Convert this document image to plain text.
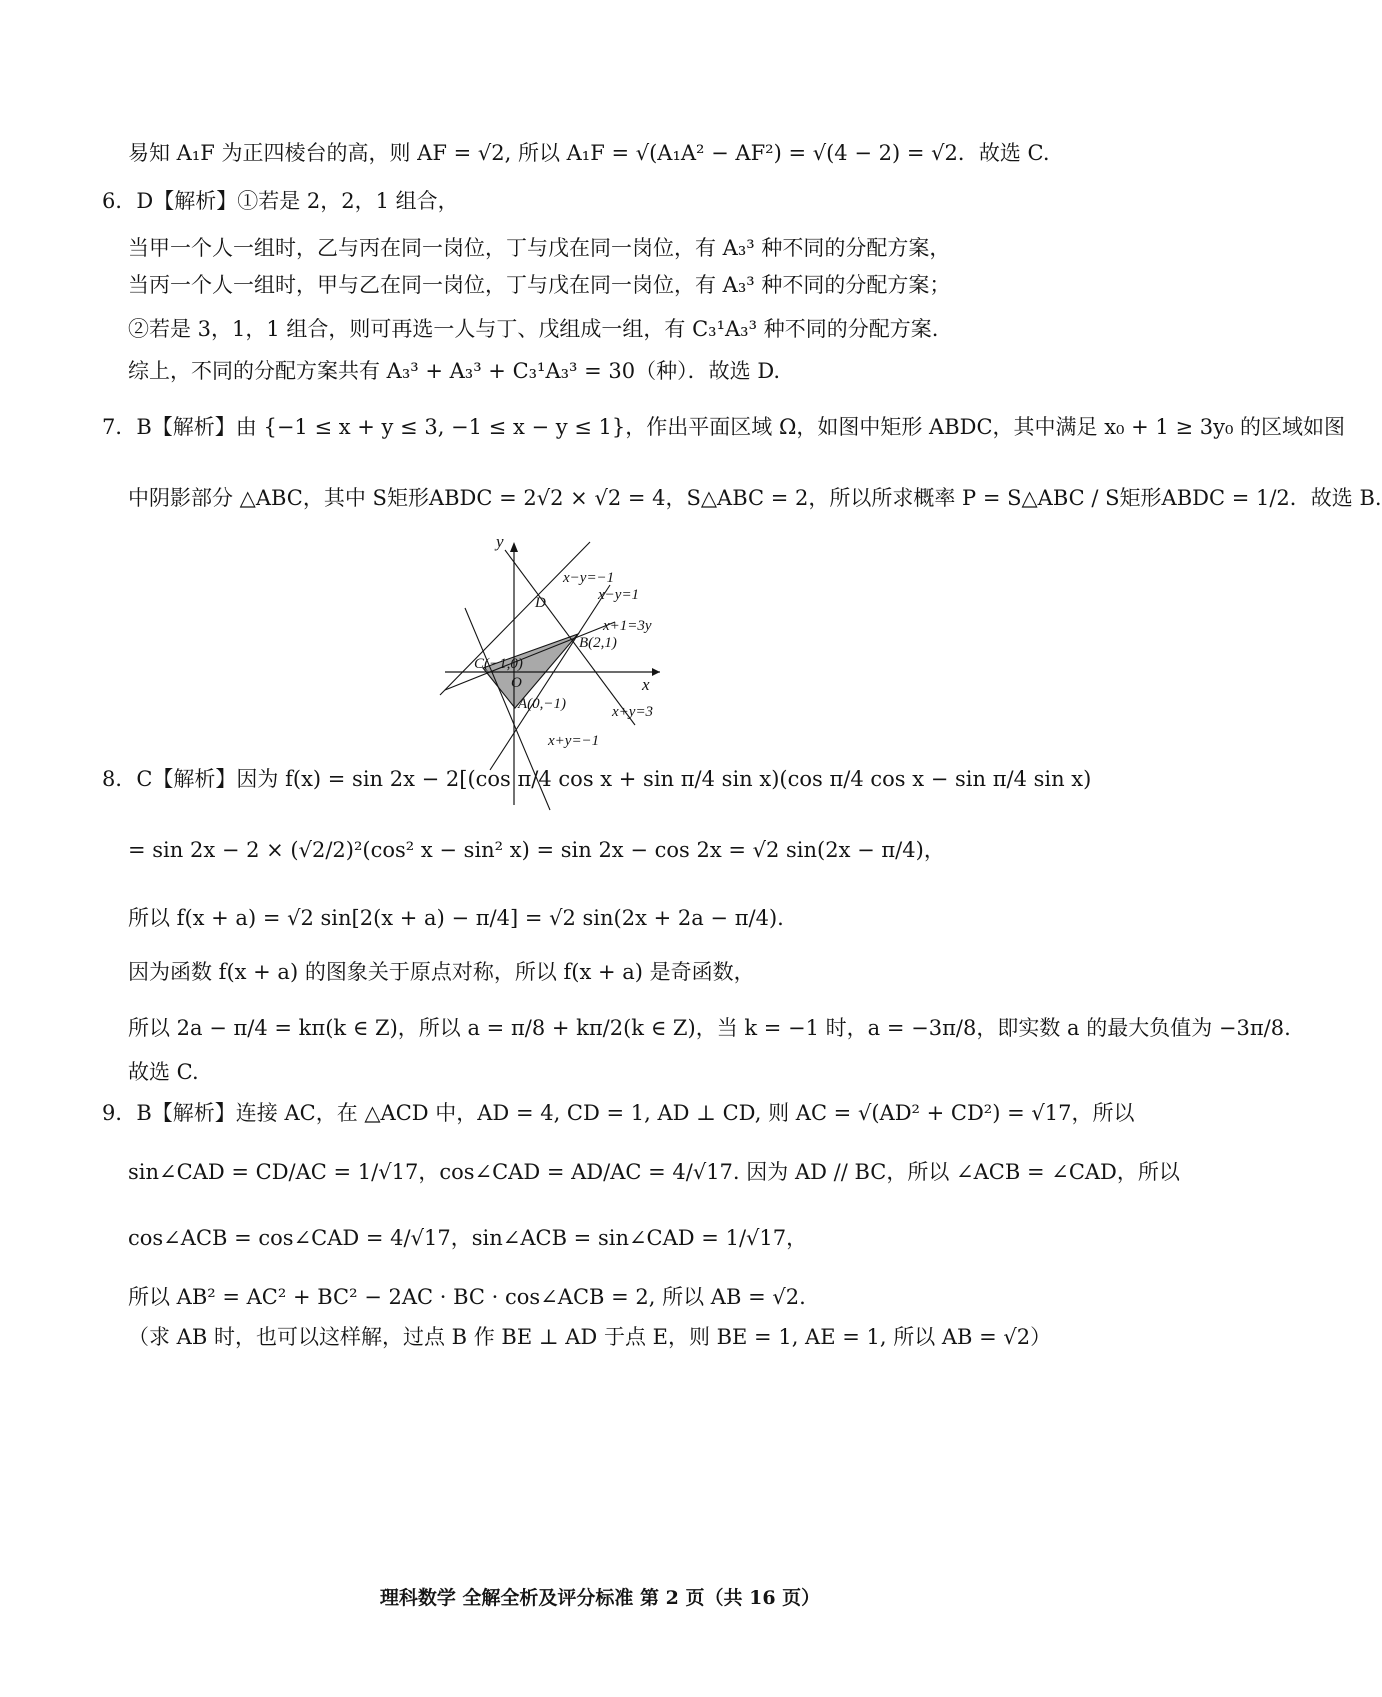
易知 A₁F 为正四棱台的高，则 AF = √2, 所以 A₁F = √(A₁A² − AF²) = √(4 − 2) = √2．故选 C.
6．D【解析】①若是 2，2，1 组合，
当甲一个人一组时，乙与丙在同一岗位，丁与戊在同一岗位，有 A₃³ 种不同的分配方案，
当丙一个人一组时，甲与乙在同一岗位，丁与戊在同一岗位，有 A₃³ 种不同的分配方案；
②若是 3，1，1 组合，则可再选一人与丁、戊组成一组，有 C₃¹A₃³ 种不同的分配方案.
综上，不同的分配方案共有 A₃³ + A₃³ + C₃¹A₃³ = 30（种）．故选 D.
7．B【解析】由 {−1 ≤ x + y ≤ 3, −1 ≤ x − y ≤ 1}，作出平面区域 Ω，如图中矩形 ABDC，其中满足 x₀ + 1 ≥ 3y₀ 的区域如图
中阴影部分 △ABC，其中 S矩形ABDC = 2√2 × √2 = 4，S△ABC = 2，所以所求概率 P = S△ABC / S矩形ABDC = 1/2．故选 B.
y
x
x−y=−1
x−y=1
x+1=3y
x+y=3
x+y=−1
D
B(2,1)
C(−1,0)
O
A(0,−1)
8．C【解析】因为 f(x) = sin 2x − 2[(cos π/4 cos x + sin π/4 sin x)(cos π/4 cos x − sin π/4 sin x)
= sin 2x − 2 × (√2/2)²(cos² x − sin² x) = sin 2x − cos 2x = √2 sin(2x − π/4)，
所以 f(x + a) = √2 sin[2(x + a) − π/4] = √2 sin(2x + 2a − π/4).
因为函数 f(x + a) 的图象关于原点对称，所以 f(x + a) 是奇函数，
所以 2a − π/4 = kπ(k ∈ Z)，所以 a = π/8 + kπ/2(k ∈ Z)，当 k = −1 时，a = −3π/8，即实数 a 的最大负值为 −3π/8.
故选 C.
9．B【解析】连接 AC，在 △ACD 中，AD = 4, CD = 1, AD ⊥ CD, 则 AC = √(AD² + CD²) = √17，所以
sin∠CAD = CD/AC = 1/√17，cos∠CAD = AD/AC = 4/√17. 因为 AD // BC，所以 ∠ACB = ∠CAD，所以
cos∠ACB = cos∠CAD = 4/√17，sin∠ACB = sin∠CAD = 1/√17，
所以 AB² = AC² + BC² − 2AC · BC · cos∠ACB = 2, 所以 AB = √2.
（求 AB 时，也可以这样解，过点 B 作 BE ⊥ AD 于点 E，则 BE = 1, AE = 1, 所以 AB = √2）
理科数学 全解全析及评分标准 第 2 页（共 16 页）
